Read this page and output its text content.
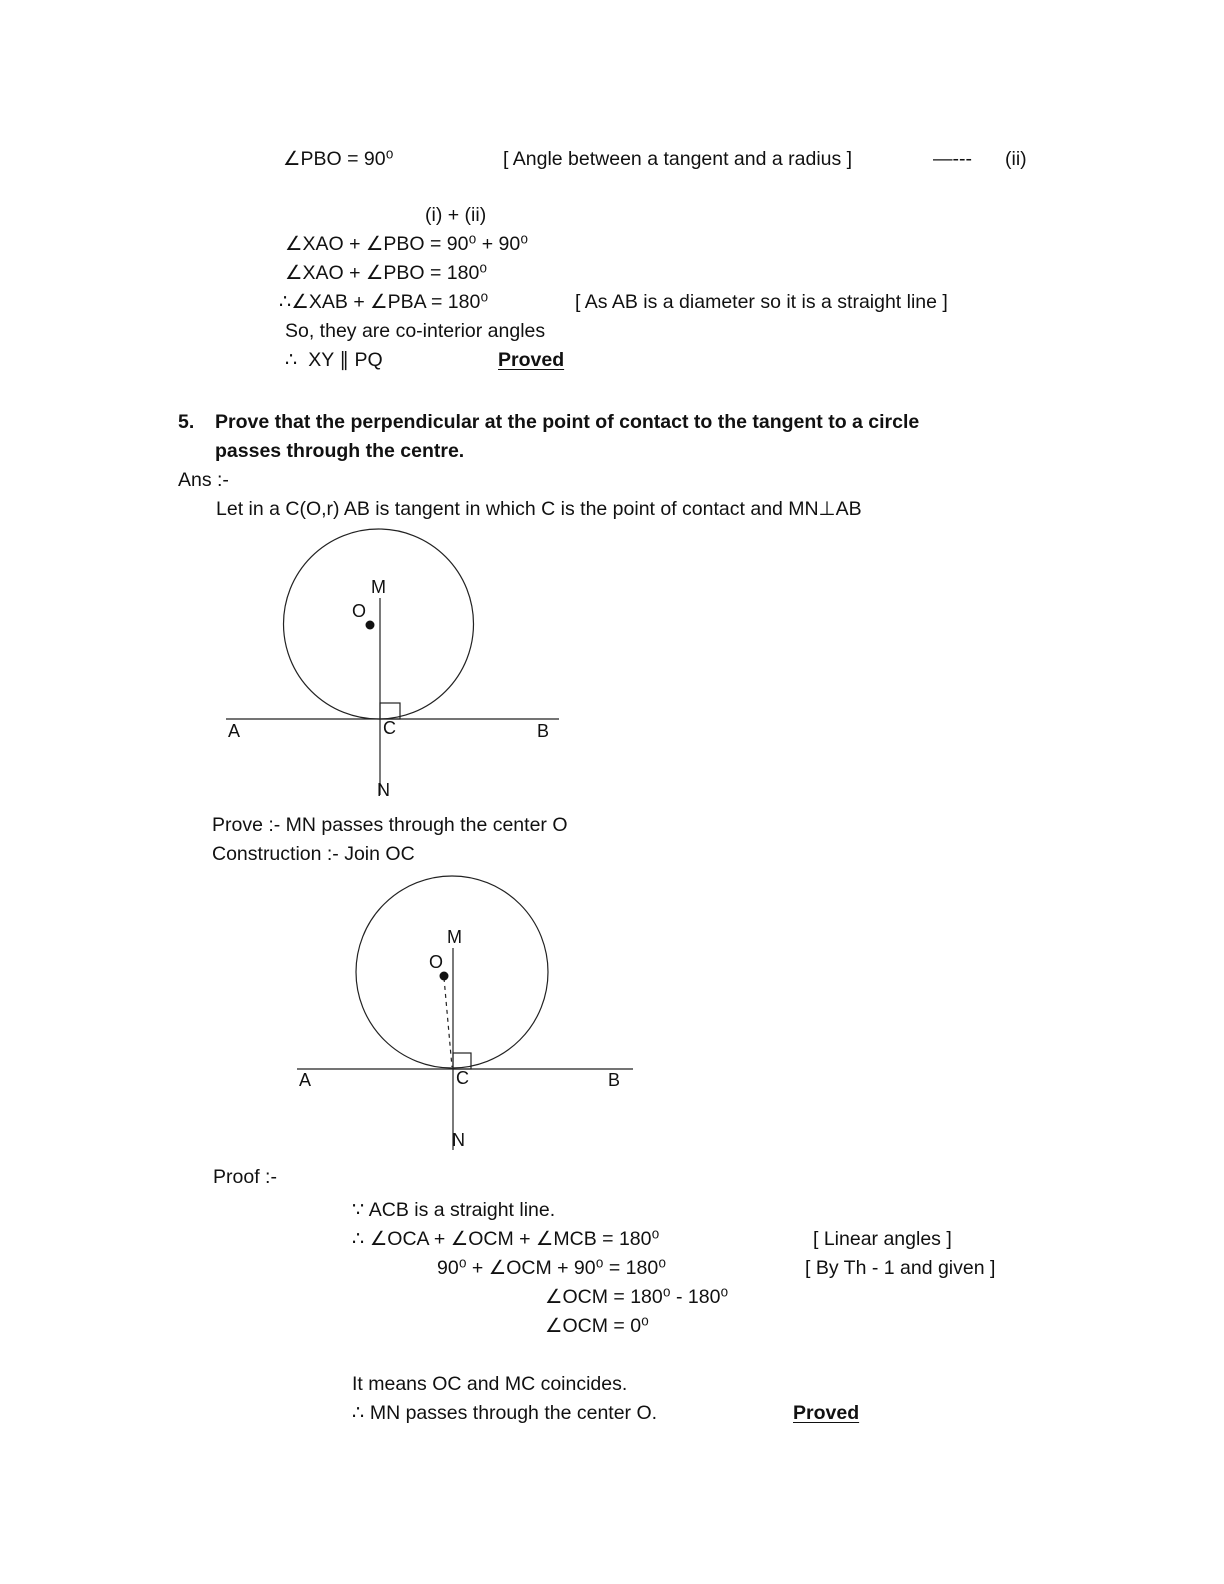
∠PBO = 90⁰	[ Angle between a tangent and a radius ]	—--- (ii)
(i) + (ii)
∠XAO + ∠PBO = 90⁰ + 90⁰
∠XAO + ∠PBO = 180⁰
∴∠XAB + ∠PBA = 180⁰	[ As AB is a diameter so it is a straight line ]
So, they are co-interior angles
∴  XY ∥ PQ	Proved
5. Prove that the perpendicular at the point of contact to the tangent to a circle
passes through the centre.
Ans :-
Let in a C(O,r) AB is tangent in which C is the point of contact and MN⊥AB
M
O
A	C	B
N
Prove :- MN passes through the center O
Construction :- Join OC
M
O
A	C	B
N
Proof :-
∵ ACB is a straight line.
∴ ∠OCA + ∠OCM + ∠MCB = 180⁰	[ Linear angles ]
90⁰ + ∠OCM + 90⁰ = 180⁰	[ By Th - 1 and given ]
∠OCM = 180⁰ - 180⁰
∠OCM = 0⁰
It means OC and MC coincides.
∴ MN passes through the center O.	Proved
